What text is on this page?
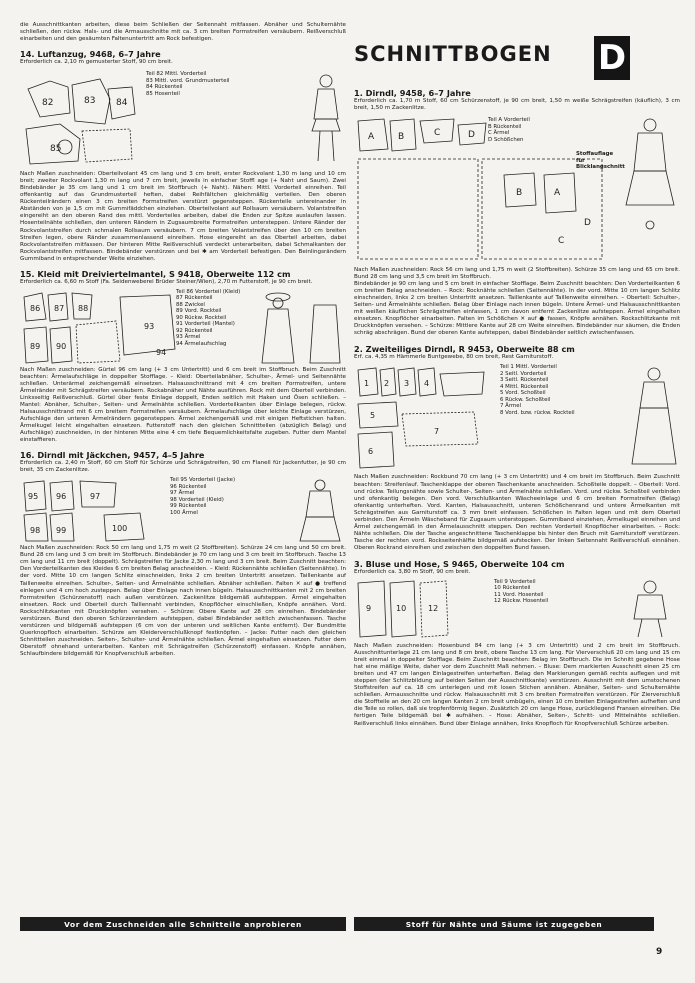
die Ausschnittkanten arbeiten, diese beim Schließen der Seitennaht mitfassen. Abnäher und Schulternähte schließen, den rückw. Hals- und die Armausschnitte mit ca. 3 cm breiten Formstreifen versäubern. Reißverschluß einarbeiten und den gesäumten Faltenuntertritt am Rock befestigen.

14. Luftanzug, 9468, 6–7 Jahre

Erforderlich ca. 2,10 m gemusterter Stoff, 90 cm breit.

82	83 84
85
Teil 82 Mittl. Vorderteil
83 Mittl. vord. Grundmusterteil
84 Rückenteil
85 Hosenteil

Nach Maßen zuschneiden: Oberteilvolant 45 cm lang und 3 cm breit, erster Rockvolant 1,30 m lang und 10 cm breit; zweiter Rockvolant 1,30 m lang und 7 cm breit, jeweils in einfacher Stoffl age (+ Naht und Saum). Zwei Bindebänder je 35 cm lang und 1 cm breit im Stoffbruch (+ Naht). Nähen: Mittl. Vorderteil einreihen. Teil offenkantig auf das Grundmusterteil heften, dabei Reihfältchen gleichmäßig verteilen. Den oberen Rückenteilrändern einen 3 cm breiten Formstreifen verstürzt gegensteppen. Rückenteile untereinander in Abständen von je 1,5 cm mit Gummifäddchen einziehen. Oberteilvolant auf Rollsaum versäubern. Volantstreifen eingereiht an den oberen Rand des mittl. Vorderteiles arbeiten, dabei die Enden zur Spitze auslaufen lassen. Hosenteilnähte schließen, den unteren Rändern in Zugsaumbreite Formstreifen untersteppen. Untere Ränder der Rockvolantstreifen durch schmalen Rollsaum versäubern. 7 cm breiten Volantstreifen über den 10 cm breiten Streifen legen, obere Ränder zusammenlassend einreihen. Hose eingereiht an das Oberteil arbeiten, dabei Rockvolantstreifen mitfassen. Der hinteren Mitte Reißverschluß verdeckt unterarbeiten, dabei Schmalkanten der Rockvolantstreifen mitfassen. Bindebänder verstürzen und bei ✱ am Vorderteil befestigen. Den Beinlingsrändern Gummiband in entsprechender Weite einziehen.

15. Kleid mit Dreiviertelmantel, S 9418, Oberweite 112 cm

Erforderlich ca. 6,60 m Stoff (Fa. Seidenweberei Brüder Steiner/Wien), 2,70 m Futterstoff, je 90 cm breit.

86 87 88
89 90
93
94
Teil 86 Vorderteil (Kleid)
87 Rückenteil
88 Zwickel
89 Vord. Rockteil
90 Rückw. Rockteil
91 Vorderteil (Mantel)
92 Rückenteil
93 Ärmel
94 Ärmelaufschlag

Nach Maßen zuschneiden: Gürtel 96 cm lang (+ 3 cm Untertritt) und 6 cm breit im Stoffbruch. Beim Zuschnitt beachten: Ärmelaufschläge in doppelter Stofflage. – Kleid: Oberteilabnäher, Schulter-, Ärmel- und Seitennähte schließen. Unterärmel zeichengemäß einsetzen. Halsausschnittrand mit 4 cm breiten Formstreifen, untere Ärmelränder mit Schrägstreifen versäubern. Rockabnäher und Nähte ausführen. Rock mit dem Oberteil verbinden. Linksseitig Reißverschluß. Gürtel über feste Einlage doppelt, Enden seitlich mit Haken und Ösen schließen. – Mantel: Abnäher, Schulter-, Seiten- und Ärmelnähte schließen. Vorderteilkanten über Einlage belegen, rückw. Halsausschnittrand mit 6 cm breitem Formstreifen versäubern. Ärmelaufschläge über leichte Einlage verstürzen, Aufschläge den unteren Ärmelrändern gegensteppen. Ärmel zeichengemäß und mit einigen Heftstichen halten. Ärmelkugel leicht eingehalten einsetzen. Futterstoff nach den gleichen Schnittteilen (abzüglich Belag) und Aufschläge) zuschneiden, in der hinteren Mitte eine 4 cm tiefe Bequemlichkeitsfalte zugeben. Futter dem Mantel einstaffieren.

16. Dirndl mit Jäckchen, 9457, 4–5 Jahre

Erforderlich ca. 2,40 m Stoff, 60 cm Stoff für Schürze und Schrägstreifen, 90 cm Flanell für Jackenfutter, je 90 cm breit, 35 cm Zackenlitze.

95 96	97
98 99	100
Teil 95 Vorderteil (Jacke)
96 Rückenteil
97 Ärmel
98 Vorderteil (Kleid)
99 Rückenteil
100 Ärmel

Nach Maßen zuschneiden: Rock 50 cm lang und 1,75 m weit (2 Stoffbreiten). Schürze 24 cm lang und 50 cm breit. Bund 28 cm lang und 3 cm breit im Stoffbruch. Bindebänder je 70 cm lang und 3 cm breit im Stoffbruch. Tasche 13 cm lang und 11 cm breit (doppelt). Schrägstreifen für Jacke 2,30 m lang und 3 cm breit. Beim Zuschnitt beachten: Den Vorderteilkanten des Kleides 6 cm breiten Belag anschneiden. – Kleid: Rückennähte schließen (Seitennähte). In der vord. Mitte 10 cm langen Schlitz einschneiden, links 2 cm breiten Untertritt ansetzen. Taillenkante auf Taillenweite einreihen. Schulter-, Seiten- und Ärmelnähte schließen. Abnäher schließen. Falten ✕ auf ● treffend einlegen und 4 cm hoch zusteppen. Belag über Einlage nach innen bügeln. Halsausschnittkanten mit 2 cm breiten Formstreifen (Schürzenstoff) nach außen verstürzen. Zackenlitze bildgemäß aufsteppen. Ärmel eingehalten einsetzen. Rock und Oberteil durch Taillennaht verbinden, Knopflöcher einschließen, Knöpfe annähen. Vord. Rockschlitzkanten mit Druckknöpfen versehen. – Schürze: Obere Kante auf 28 cm einreihen. Bindebänder verstürzen. Bund den oberen Schürzenrändern aufsteppen, dabei Bindebänder seitlich zwischenfassen. Tasche verstürzen und bildgemäß aufsteppen (6 cm von der unteren und seitlichen Kante entfernt). Der Bundmitte Querknopfloch einarbeiten. Schürze am Kleiderverschlußknopf festknöpfen. – Jacke: Futter nach den gleichen Schnittteilen zuschneiden. Seiten-, Schulter- und Ärmelnähte schließen. Ärmel eingehalten einsetzen. Futter dem Oberstoff ohnehand unterarbeiten. Kanten mit Schrägstreifen (Schürzenstoff) einfassen. Knöpfe annähen, Schlaufbindere bildgemäß für Knopfverschluß arbeiten.

SCHNITTBOGEN D
1. Dirndl, 9458, 6–7 Jahre

Erforderlich ca. 1,70 m Stoff, 60 cm Schürzenstoff, je 90 cm breit, 1,50 m weiße Schrägstreifen (käuflich), 3 cm breit, 1,50 m Zackenlitze.

A	B	C	D
B	A
D
C
Teil A Vorderteil
B Rückenteil
C Ärmel
D Schößchen
Stoffauflage für Blicklangschnitt

Nach Maßen zuschneiden: Rock 56 cm lang und 1,75 m weit (2 Stoffbreiten). Schürze 35 cm lang und 65 cm breit. Bund 28 cm lang und 3,5 cm breit im Stoffbruch.

Bindebänder je 90 cm lang und 5 cm breit in einfacher Stofflage. Beim Zuschnitt beachten: Den Vorderteilkanten 6 cm breiten Belag anschneiden. – Rock: Rocknähte schließen (Seitennähte). In der vord. Mitte 10 cm langen Schlitz einschneiden, links 2 cm breiten Untertritt ansetzen. Taillenkante auf Taillenweite einreihen. – Oberteil: Schulter-, Seiten- und Ärmelnähte schließen. Belag über Einlage nach innen bügeln. Untere Ärmel- und Halsausschnittkanten mit weißen käuflichen Schrägstreifen einfassen, 1 cm davon entfernt Zackenlitze aufsteppen. Ärmel eingehalten einsetzen. Knopflöcher einarbeiten. Falten im Schößchen ✕ auf ● fassen, Knöpfe annähen. Rockschlitzkante mit Druckknöpfen versehen. – Schürze: Mittlere Kante auf 28 cm Weite einreihen. Bindebänder nur säumen, die Enden schräg abschrägen. Bund der oberen Kante aufsteppen, dabei Bindebänder seitlich zwischenfassen.

2. Zweiteiliges Dirndl, R 9453, Oberweite 88 cm

Erf. ca. 4,35 m Hämmerle Buntgewebe, 80 cm breit, Rest Garniturstoff.

1 2 3 4
5
7
6
Teil 1 Mittl. Vorderteil
2 Seitl. Vorderteil
3 Seitl. Rückenteil
4 Mittl. Rückenteil
5 Vord. Schoßteil
6 Rückw. Schoßteil
7 Ärmel
8 Vord. bzw. rückw. Rockteil

Nach Maßen zuschneiden: Rockbund 70 cm lang (+ 3 cm Untertritt) und 4 cm breit im Stoffbruch. Beim Zuschnitt beachten: Streifenlauf. Taschenklappe der oberen Taschenkante anschneiden. Schoßteile doppelt. – Oberteil: Vord. und rückw. Teilungsnähte sowie Schulter-, Seiten- und Ärmelnähte schließen. Vord. und rückw. Schoßteil verbinden und ofenkantig belegen. Den vord. Verschlußkanten Wäscheeinlage und 6 cm breiten Formstreifen (Belag) ofenkantig unterheften. Vord. Kanten, Halsausschnitt, unteren Schößchenrand und untere Ärmelkanten mit Schrägstreifen aus Garniturstoff ca. 3 mm breit einfassen. Schößchen in Falten legen und mit dem Oberteil verbinden. Den Ärmeln Wäscheband für Zugsaum unterstoppen. Gummiband einziehen, Ärmelkugel einreihen und Ärmel zeichengemäß in den Ärmelausschnitt steppen. Den rechten Vorderteil Knopflöcher einarbeiten. – Rock: Nähte schließen. Die der Tasche angeschnittene Taschenklappe bis hinter den Bruch mit Garniturstoff verstürzen. Tasche der rechten vord. Rockseitenhälfte bildgemäß aufstecken. Der linken Seitennaht Reißverschluß einnähen. Oberen Rockrand einreihen und zwischen den doppelten Bund fassen.

3. Bluse und Hose, S 9465, Oberweite 104 cm

Erforderlich ca. 3,80 m Stoff, 90 cm breit.

9	10	12
Teil 9 Vorderteil
10 Rückenteil
11 Vord. Hosenteil
12 Rückw. Hosenteil

Nach Maßen zuschneiden: Hosenbund 84 cm lang (+ 3 cm Untertritt) und 2 cm breit im Stoffbruch. Ausschnittunterlage 21 cm lang und 8 cm breit, obere Tasche 13 cm lang. Für Vierverschluß 20 cm lang und 15 cm breit einmal in doppelter Stofflage. Beim Zuschnitt beachten: Belag im Stoffbruch. Die im Schnitt gegebene Hose hat eine mäßige Weite, daher vor dem Zuschnitt Maß nehmen. – Bluse: Dem markierten Ausschnitt einen 25 cm breiten und 47 cm langen Einlagestreifen unterheften. Belag den Markierungen gemäß rechts auflegen und mit steppen (der Schlitzbildung auf beiden Seiten der Ausschnittkante) verstürzen. Ausschnitt mit dem umstochenen Stoffstreifen auf ca. 18 cm unterlegen und mit losen Stichen annähen. Abnäher, Seiten- und Schulternähte schließen. Armausschnitte und rückw. Halsausschnitt mit 3 cm breiten Formstreifen verstürzen. Für Zierverschluß die Stoffteile an den 20 cm langen Kanten 2 cm breit umbügeln, einen 10 cm breiten Einlagestreifen aufheften und die Teile so rollen, daß sie tropfenförmig liegen. Zusätzlich 20 cm lange Hose, zurückliegend Fransen einreihen. Die fertigen Teile bildgemäß bei ✱ aufnähen. – Hose: Abnäher, Seiten-, Schritt- und Mittelnähte schließen. Reißverschluß links einnähen. Bund über Einlage annähen, links Knopfloch für Knopfverschluß Schürze arbeiten.

Vor dem Zuschneiden alle Schnitteile anprobieren	Stoff für Nähte und Säume ist zugegeben
9
